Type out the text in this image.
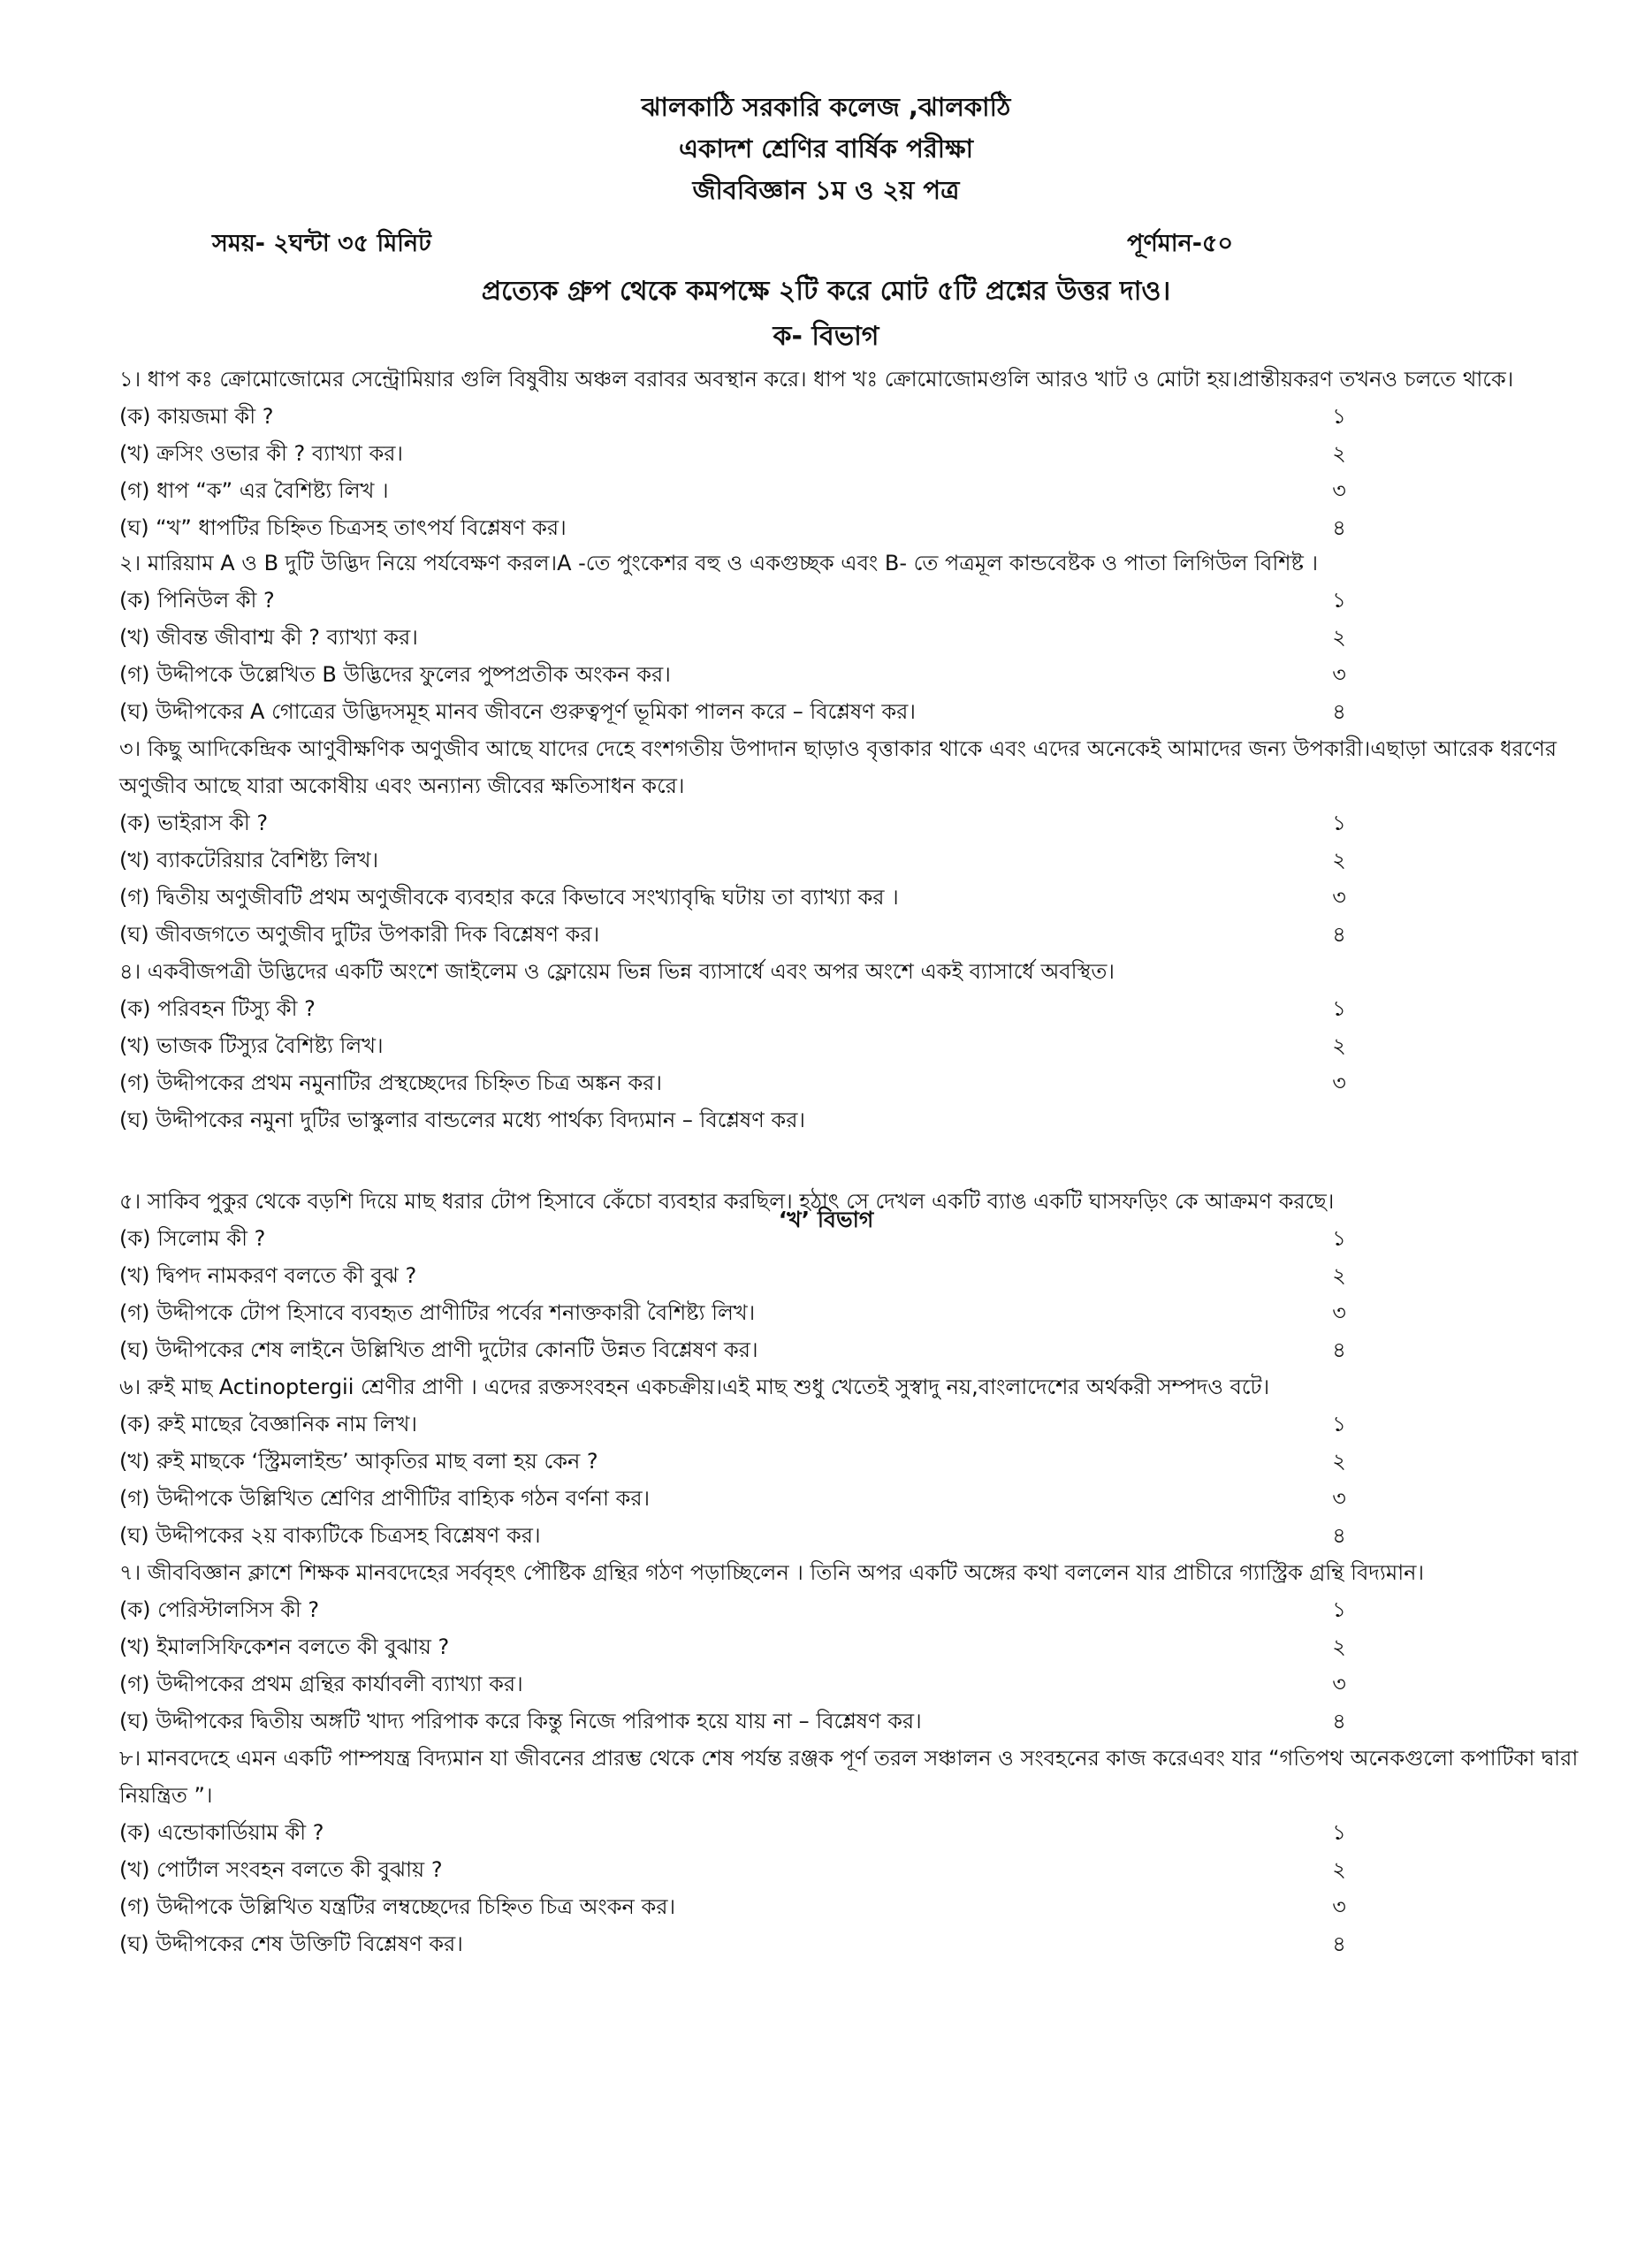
ঝালকাঠি সরকারি কলেজ ,ঝালকাঠি
একাদশ শ্রেণির বার্ষিক পরীক্ষা
জীববিজ্ঞান ১ম ও ২য় পত্র
সময়- ২ঘন্টা ৩৫ মিনিট	পূর্ণমান-৫০
প্রত্যেক গ্রুপ থেকে কমপক্ষে ২টি করে মোট ৫টি প্রশ্নের উত্তর দাও।
ক- বিভাগ
‘খ’ বিভাগ

১। ধাপ কঃ ক্রোমোজোমের সেন্ট্রোমিয়ার গুলি বিষুবীয় অঞ্চল বরাবর অবস্থান করে। ধাপ খঃ ক্রোমোজোমগুলি আরও খাট ও মোটা হয়।প্রান্তীয়করণ তখনও চলতে থাকে।

(ক) কায়জমা কী ?	১
(খ) ক্রসিং ওভার কী ? ব্যাখ্যা কর।	২
(গ) ধাপ “ক” এর বৈশিষ্ট্য লিখ ।	৩
(ঘ) “খ” ধাপটির চিহ্নিত চিত্রসহ তাৎপর্য বিশ্লেষণ কর।	৪

২। মারিয়াম A ও B দুটি উদ্ভিদ নিয়ে পর্যবেক্ষণ করল।A -তে পুংকেশর বহু ও একগুচ্ছক এবং B- তে পত্রমূল কান্ডবেষ্টক ও পাতা লিগিউল বিশিষ্ট ।

(ক) পিনিউল কী ?	১
(খ) জীবন্ত জীবাশ্ম কী ? ব্যাখ্যা কর।	২
(গ) উদ্দীপকে উল্লেখিত B উদ্ভিদের ফুলের পুষ্পপ্রতীক অংকন কর।	৩
(ঘ) উদ্দীপকের A গোত্রের উদ্ভিদসমূহ মানব জীবনে গুরুত্বপূর্ণ ভূমিকা পালন করে – বিশ্লেষণ কর।	৪

৩। কিছু আদিকেন্দ্রিক আণুবীক্ষণিক অণুজীব আছে যাদের দেহে বংশগতীয় উপাদান ছাড়াও বৃত্তাকার থাকে এবং এদের অনেকেই আমাদের জন্য উপকারী।এছাড়া আরেক ধরণের অণুজীব আছে যারা অকোষীয় এবং অন্যান্য জীবের ক্ষতিসাধন করে।

(ক) ভাইরাস কী ?	১
(খ) ব্যাকটেরিয়ার বৈশিষ্ট্য লিখ।	২
(গ) দ্বিতীয় অণুজীবটি প্রথম অণুজীবকে ব্যবহার করে কিভাবে সংখ্যাবৃদ্ধি ঘটায় তা ব্যাখ্যা কর ।	৩
(ঘ) জীবজগতে অণুজীব দুটির উপকারী দিক বিশ্লেষণ কর।	৪

৪। একবীজপত্রী উদ্ভিদের একটি অংশে জাইলেম ও ফ্লোয়েম ভিন্ন ভিন্ন ব্যাসার্ধে এবং অপর অংশে একই ব্যাসার্ধে অবস্থিত।

(ক) পরিবহন টিস্যু কী ?	১
(খ) ভাজক টিস্যুর বৈশিষ্ট্য লিখ।	২
(গ) উদ্দীপকের প্রথম নমুনাটির প্রস্থচ্ছেদের চিহ্নিত চিত্র অঙ্কন কর।	৩
(ঘ) উদ্দীপকের নমুনা দুটির ভাস্কুলার বান্ডলের মধ্যে পার্থক্য বিদ্যমান – বিশ্লেষণ কর।

৫। সাকিব পুকুর থেকে বড়শি দিয়ে মাছ ধরার টোপ হিসাবে কেঁচো ব্যবহার করছিল। হঠাৎ সে দেখল একটি ব্যাঙ একটি ঘাসফড়িং কে আক্রমণ করছে।

(ক) সিলোম কী ?	১
(খ) দ্বিপদ নামকরণ বলতে কী বুঝ ?	২
(গ) উদ্দীপকে টোপ হিসাবে ব্যবহৃত প্রাণীটির পর্বের শনাক্তকারী বৈশিষ্ট্য লিখ।	৩
(ঘ) উদ্দীপকের শেষ লাইনে উল্লিখিত প্রাণী দুটোর কোনটি উন্নত বিশ্লেষণ কর।	৪

৬। রুই মাছ Actinoptergii শ্রেণীর প্রাণী । এদের রক্তসংবহন একচক্রীয়।এই মাছ শুধু খেতেই সুস্বাদু নয়,বাংলাদেশের অর্থকরী সম্পদও বটে।

(ক) রুই মাছের বৈজ্ঞানিক নাম লিখ।	১
(খ) রুই মাছকে ‘স্ট্রিমলাইন্ড’ আকৃতির মাছ বলা হয় কেন ?	২
(গ) উদ্দীপকে উল্লিখিত শ্রেণির প্রাণীটির বাহ্যিক গঠন বর্ণনা কর।	৩
(ঘ) উদ্দীপকের ২য় বাক্যটিকে চিত্রসহ বিশ্লেষণ কর।	৪

৭। জীববিজ্ঞান ক্লাশে শিক্ষক মানবদেহের সর্ববৃহৎ পৌষ্টিক গ্রন্থির গঠণ পড়াচ্ছিলেন । তিনি অপর একটি অঙ্গের কথা বললেন যার প্রাচীরে গ্যাস্ট্রিক গ্রন্থি বিদ্যমান।

(ক) পেরিস্টালসিস কী ?	১
(খ) ইমালসিফিকেশন বলতে কী বুঝায় ?	২
(গ) উদ্দীপকের প্রথম গ্রন্থির কার্যাবলী ব্যাখ্যা কর।	৩
(ঘ) উদ্দীপকের দ্বিতীয় অঙ্গটি খাদ্য পরিপাক করে কিন্তু নিজে পরিপাক হয়ে যায় না – বিশ্লেষণ কর।	৪

৮। মানবদেহে এমন একটি পাম্পযন্ত্র বিদ্যমান যা জীবনের প্রারম্ভ থেকে শেষ পর্যন্ত রঞ্জক পূর্ণ তরল সঞ্চালন ও সংবহনের কাজ করেএবং যার “গতিপথ অনেকগুলো কপাটিকা দ্বারা নিয়ন্ত্রিত ”।

(ক) এন্ডোকার্ডিয়াম কী ?	১
(খ) পোর্টাল সংবহন বলতে কী বুঝায় ?	২
(গ) উদ্দীপকে উল্লিখিত যন্ত্রটির লম্বচ্ছেদের চিহ্নিত চিত্র অংকন কর।	৩
(ঘ) উদ্দীপকের শেষ উক্তিটি বিশ্লেষণ কর।	৪
